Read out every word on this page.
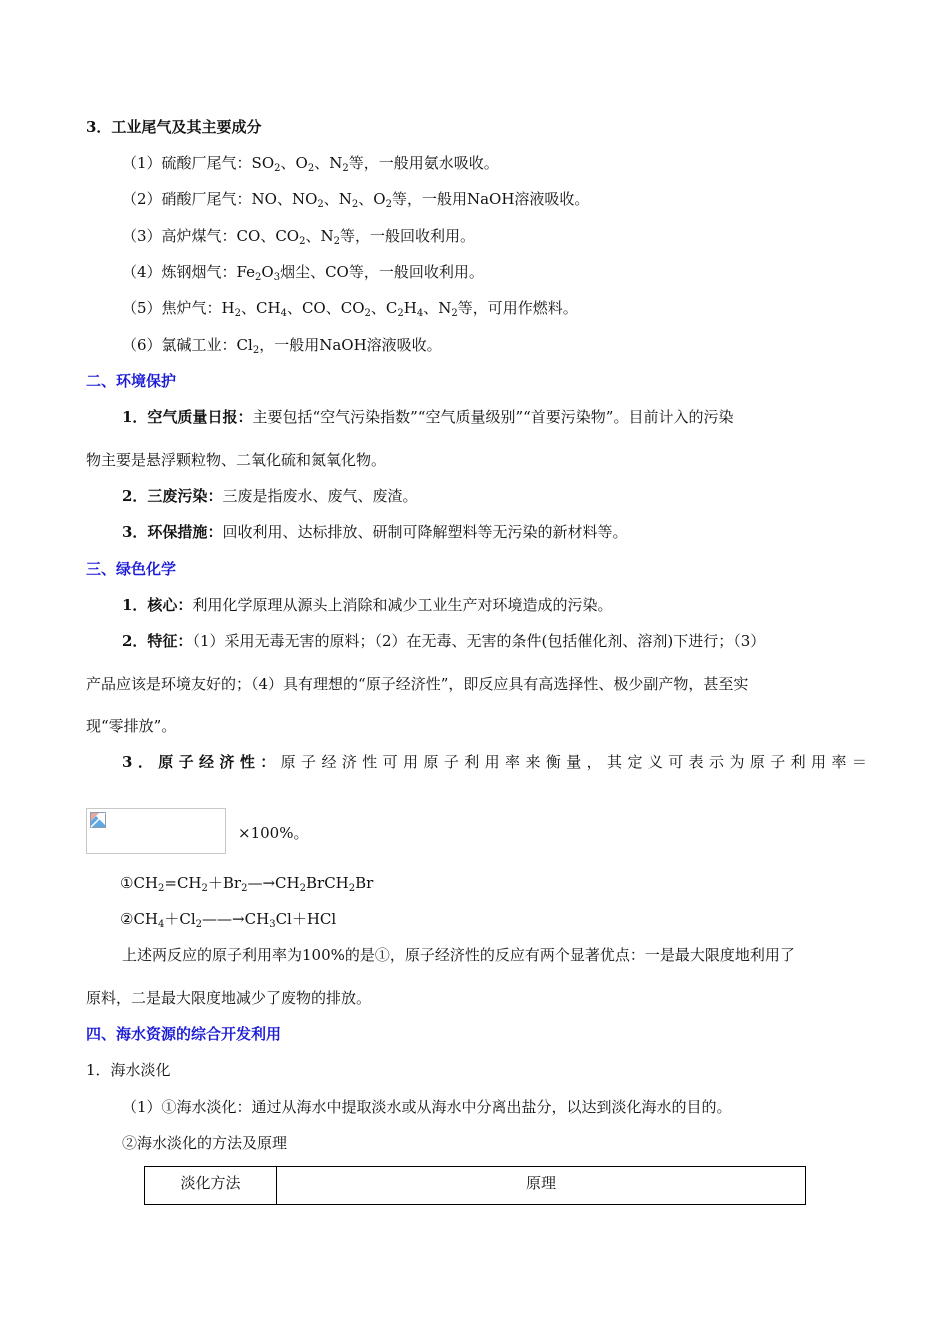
3．工业尾气及其主要成分
（1）硫酸厂尾气：$SO_2$、$O_2$、$N_2$等，一般用氨水吸收。
（2）硝酸厂尾气：NO、$NO_2$、$N_2$、$O_2$等，一般用NaOH溶液吸收。
（3）高炉煤气：CO、$CO_2$、$N_2$等，一般回收利用。
（4）炼钢烟气：$Fe_2O_3$烟尘、CO等，一般回收利用。
（5）焦炉气：$H_2$、$CH_4$、CO、$CO_2$、$C_2H_4$、$N_2$等，可用作燃料。
（6）氯碱工业：$Cl_2$，一般用NaOH溶液吸收。
二、环境保护
1．空气质量日报：主要包括“空气污染指数”“空气质量级别”“首要污染物”。目前计入的污染
物主要是悬浮颗粒物、二氧化硫和氮氧化物。
2．三废污染：三废是指废水、废气、废渣。
3．环保措施：回收利用、达标排放、研制可降解塑料等无污染的新材料等。
三、绿色化学
1．核心：利用化学原理从源头上消除和减少工业生产对环境造成的污染。
2．特征：（1）采用无毒无害的原料；（2）在无毒、无害的条件(包括催化剂、溶剂)下进行；（3）
产品应该是环境友好的；（4）具有理想的“原子经济性”，即反应具有高选择性、极少副产物，甚至实
现“零排放”。
3．原子经济性：原子经济性可用原子利用率来衡量，其定义可表示为原子利用率＝
×100%。
$①CH_2=CH_2+Br_2—\to CH_2BrCH_2Br$
$②CH_4+Cl_2——\to CH_3Cl+HCl$
上述两反应的原子利用率为100%的是①，原子经济性的反应有两个显著优点：一是最大限度地利用了
原料，二是最大限度地减少了废物的排放。
四、海水资源的综合开发利用
1．海水淡化
（1）①海水淡化：通过从海水中提取淡水或从海水中分离出盐分，以达到淡化海水的目的。
②海水淡化的方法及原理
淡化方法	原理
